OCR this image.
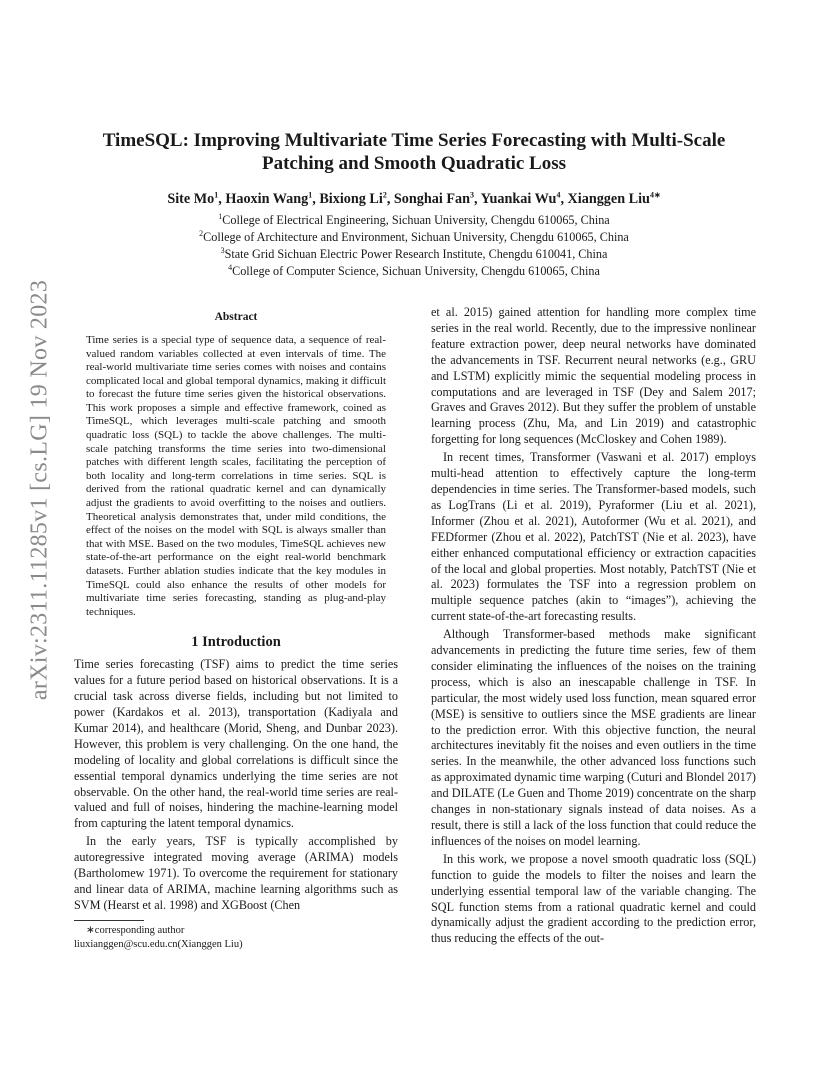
arXiv:2311.11285v1 [cs.LG] 19 Nov 2023
TimeSQL: Improving Multivariate Time Series Forecasting with Multi-Scale Patching and Smooth Quadratic Loss
Site Mo$^1$, Haoxin Wang$^1$, Bixiong Li$^2$, Songhai Fan$^3$, Yuankai Wu$^4$, Xianggen Liu$^{4∗}$
$^1$College of Electrical Engineering, Sichuan University, Chengdu 610065, China
$^2$College of Architecture and Environment, Sichuan University, Chengdu 610065, China
$^3$State Grid Sichuan Electric Power Research Institute, Chengdu 610041, China
$^4$College of Computer Science, Sichuan University, Chengdu 610065, China
Abstract

Time series is a special type of sequence data, a sequence of real-valued random variables collected at even intervals of time. The real-world multivariate time series comes with noises and contains complicated local and global temporal dynamics, making it difficult to forecast the future time series given the historical observations. This work proposes a simple and effective framework, coined as TimeSQL, which leverages multi-scale patching and smooth quadratic loss (SQL) to tackle the above challenges. The multi-scale patching transforms the time series into two-dimensional patches with different length scales, facilitating the perception of both locality and long-term correlations in time series. SQL is derived from the rational quadratic kernel and can dynamically adjust the gradients to avoid overfitting to the noises and outliers. Theoretical analysis demonstrates that, under mild conditions, the effect of the noises on the model with SQL is always smaller than that with MSE. Based on the two modules, TimeSQL achieves new state-of-the-art performance on the eight real-world benchmark datasets. Further ablation studies indicate that the key modules in TimeSQL could also enhance the results of other models for multivariate time series forecasting, standing as plug-and-play techniques.

1 Introduction

Time series forecasting (TSF) aims to predict the time series values for a future period based on historical observations. It is a crucial task across diverse fields, including but not limited to power (Kardakos et al. 2013), transportation (Kadiyala and Kumar 2014), and healthcare (Morid, Sheng, and Dunbar 2023). However, this problem is very challenging. On the one hand, the modeling of locality and global correlations is difficult since the essential temporal dynamics underlying the time series are not observable. On the other hand, the real-world time series are real-valued and full of noises, hindering the machine-learning model from capturing the latent temporal dynamics.

In the early years, TSF is typically accomplished by autoregressive integrated moving average (ARIMA) models (Bartholomew 1971). To overcome the requirement for stationary and linear data of ARIMA, machine learning algorithms such as SVM (Hearst et al. 1998) and XGBoost (Chen

et al. 2015) gained attention for handling more complex time series in the real world. Recently, due to the impressive nonlinear feature extraction power, deep neural networks have dominated the advancements in TSF. Recurrent neural networks (e.g., GRU and LSTM) explicitly mimic the sequential modeling process in computations and are leveraged in TSF (Dey and Salem 2017; Graves and Graves 2012). But they suffer the problem of unstable learning process (Zhu, Ma, and Lin 2019) and catastrophic forgetting for long sequences (McCloskey and Cohen 1989).

In recent times, Transformer (Vaswani et al. 2017) employs multi-head attention to effectively capture the long-term dependencies in time series. The Transformer-based models, such as LogTrans (Li et al. 2019), Pyraformer (Liu et al. 2021), Informer (Zhou et al. 2021), Autoformer (Wu et al. 2021), and FEDformer (Zhou et al. 2022), PatchTST (Nie et al. 2023), have either enhanced computational efficiency or extraction capacities of the local and global properties. Most notably, PatchTST (Nie et al. 2023) formulates the TSF into a regression problem on multiple sequence patches (akin to “images”), achieving the current state-of-the-art forecasting results.

Although Transformer-based methods make significant advancements in predicting the future time series, few of them consider eliminating the influences of the noises on the training process, which is also an inescapable challenge in TSF. In particular, the most widely used loss function, mean squared error (MSE) is sensitive to outliers since the MSE gradients are linear to the prediction error. With this objective function, the neural architectures inevitably fit the noises and even outliers in the time series. In the meanwhile, the other advanced loss functions such as approximated dynamic time warping (Cuturi and Blondel 2017) and DILATE (Le Guen and Thome 2019) concentrate on the sharp changes in non-stationary signals instead of data noises. As a result, there is still a lack of the loss function that could reduce the influences of the noises on model learning.

In this work, we propose a novel smooth quadratic loss (SQL) function to guide the models to filter the noises and learn the underlying essential temporal law of the variable changing. The SQL function stems from a rational quadratic kernel and could dynamically adjust the gradient according to the prediction error, thus reducing the effects of the out-

∗corresponding author
liuxianggen@scu.edu.cn(Xianggen Liu)
